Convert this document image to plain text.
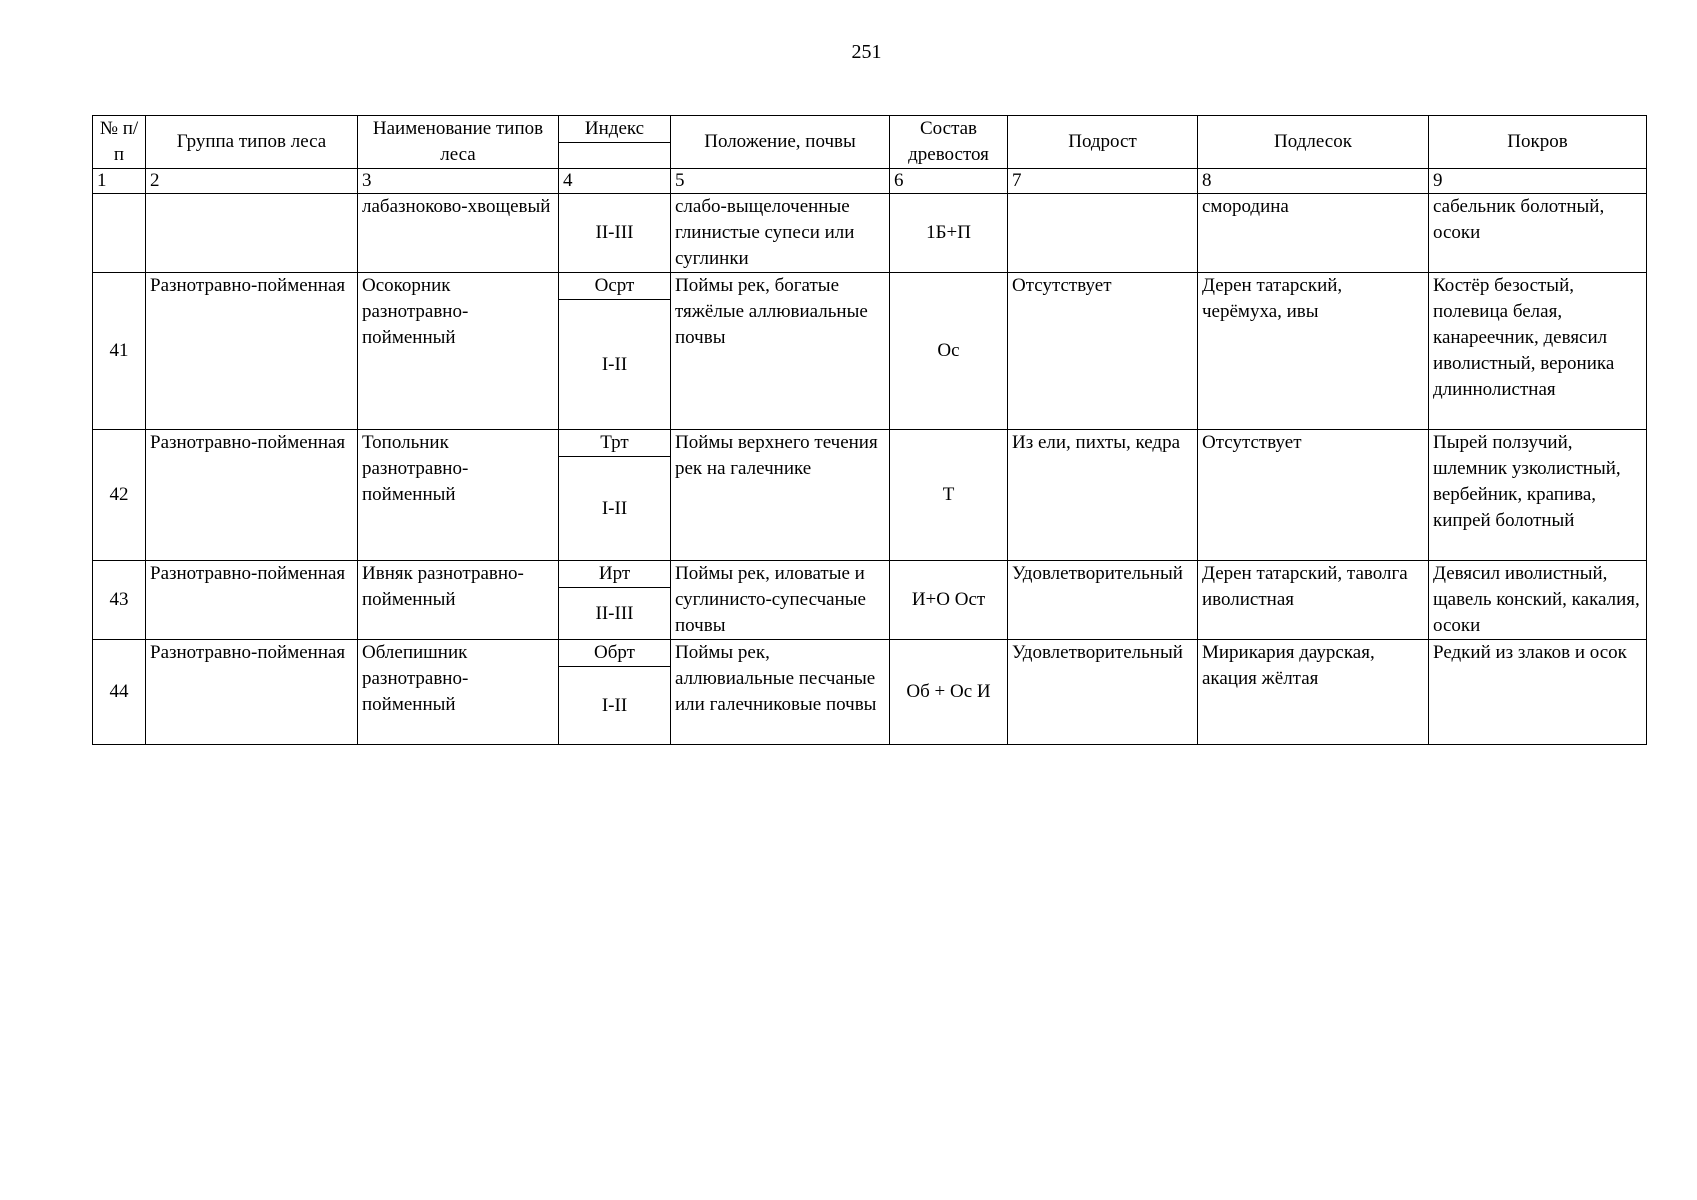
251
№ п/п	Группа типов леса	Наименование типов леса	Индекс	Положение, почвы	Состав древостоя	Подрост	Подлесок	Покров

1	2	3	4	5	6	7	8	9
		лабазноково-хвощевый	II-III	слабо-выщелоченные глинистые супеси или суглинки	1Б+П		смородина	сабельник болотный, осоки
41	Разнотравно-пойменная	Осокорник разнотравно-пойменный	Осрт	Поймы рек, богатые тяжёлые аллювиальные почвы	Ос	Отсутствует	Дерен татарский, черёмуха, ивы	Костёр безостый, полевица белая, канареечник, девясил иволистный, вероника длиннолистная
			I-II					
42	Разнотравно-пойменная	Топольник разнотравно-пойменный	Трт	Поймы верхнего течения рек на галечнике	Т	Из ели, пихты, кедра	Отсутствует	Пырей ползучий, шлемник узколистный, вербейник, крапива, кипрей болотный
			I-II					
43	Разнотравно-пойменная	Ивняк разнотравно-пойменный	Ирт	Поймы рек, иловатые и суглинисто-супесчаные почвы	И+О Ост	Удовлетворительный	Дерен татарский, таволга иволистная	Девясил иволистный, щавель конский, какалия, осоки
			II-III					
44	Разнотравно-пойменная	Облепишник разнотравно-пойменный	Обрт	Поймы рек, аллювиальные песчаные или галечниковые почвы	Об + Ос И	Удовлетворительный	Мирикария даурская, акация жёлтая	Редкий из злаков и осок
			I-II					
